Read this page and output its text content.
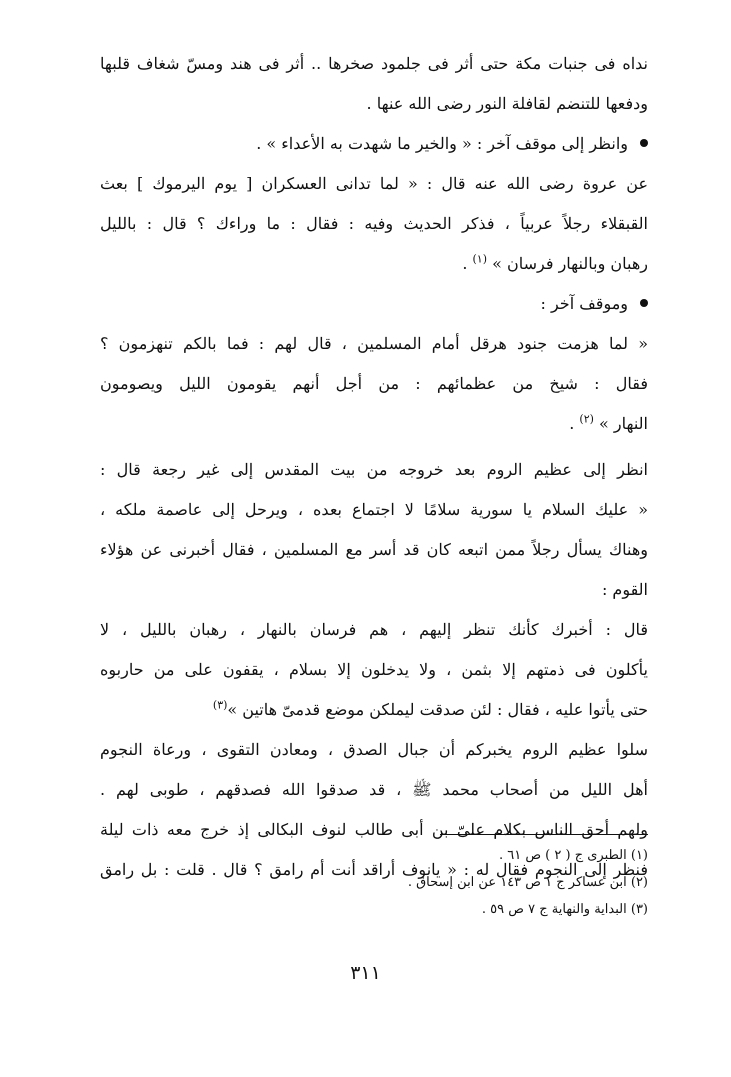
نداه فى جنبات مكة حتى أثر فى جلمود صخرها .. أثر فى هند ومسّ شغاف قلبها
ودفعها للتنضم لقافلة النور رضى الله عنها .
وانظر إلى موقف آخر : « والخير ما شهدت به الأعداء » .
عن عروة رضى الله عنه قال : « لما تدانى العسكران [ يوم اليرموك ] بعث
القبقلاء رجلاً عربياً ، فذكر الحديث وفيه : فقال : ما وراءك ؟ قال : بالليل
رهبان وبالنهار فرسان » $^{(١)}$ .
وموقف آخر :
« لما هزمت جنود هرقل أمام المسلمين ، قال لهم : فما بالكم تنهزمون ؟
فقال : شيخ من عظمائهم : من أجل أنهم يقومون الليل ويصومون
النهار » $^{(٢)}$ .
انظر إلى عظيم الروم بعد خروجه من بيت المقدس إلى غير رجعة قال :
« عليك السلام يا سورية سلامًا لا اجتماع بعده ، ويرحل إلى عاصمة ملكه ،
وهناك يسأل رجلاً ممن اتبعه كان قد أسر مع المسلمين ، فقال أخبرنى عن هؤلاء
القوم :
قال : أخبرك كأنك تنظر إليهم ، هم فرسان بالنهار ، رهبان بالليل ، لا
يأكلون فى ذمتهم إلا بثمن ، ولا يدخلون إلا بسلام ، يقفون على من حاربوه
حتى يأتوا عليه ، فقال : لئن صدقت ليملكن موضع قدمىّ هاتين »$^{(٣)}$
سلوا عظيم الروم يخبركم أن جبال الصدق ، ومعادن التقوى ، ورعاة النجوم
أهل الليل من أصحاب محمد ﷺ ، قد صدقوا الله فصدقهم ، طوبى لهم .
ولهم أحق الناس بكلام علىّ بن أبى طالب لنوف البكالى إذ خرج معه ذات ليلة
فنظر إلى النجوم فقال له : « يانوف أراقد أنت أم رامق ؟ قال . قلت : بل رامق
(١) الطبرى ج ( ٢ ) ص ٦١ .
(٢) ابن عساكر ج ١ ص ١٤٣ عن ابن إسحاق .
(٣) البداية والنهاية ج ٧ ص ٥٩ .
٣١١
